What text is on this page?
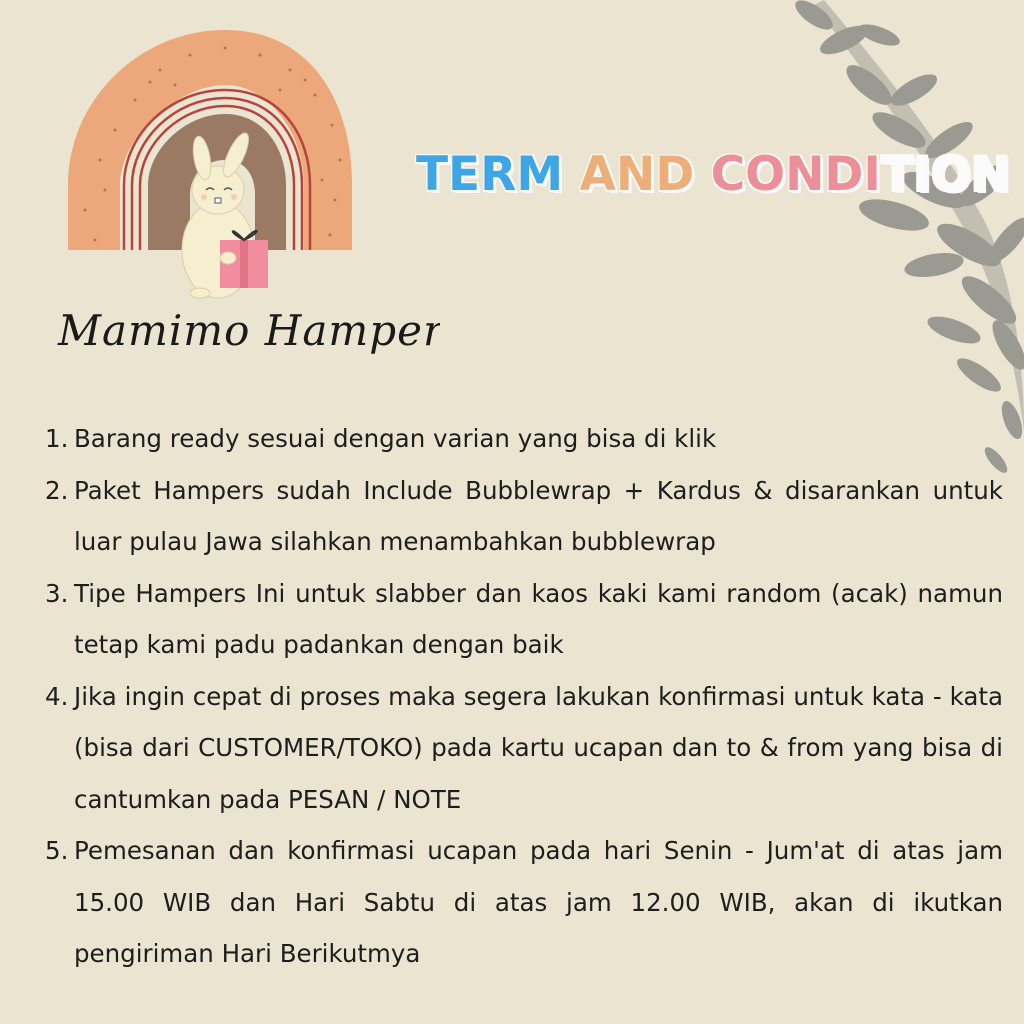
Mamimo Hampers
TERM AND CONDITION
1. Barang ready sesuai dengan varian yang bisa di klik
2. Paket Hampers sudah Include Bubblewrap + Kardus & disarankan untuk luar pulau Jawa silahkan menambahkan bubblewrap
3. Tipe Hampers Ini untuk slabber dan kaos kaki kami random (acak) namun tetap kami padu padankan dengan baik
4. Jika ingin cepat di proses maka segera lakukan konfirmasi untuk kata - kata (bisa dari CUSTOMER/TOKO) pada kartu ucapan dan to & from yang bisa di cantumkan pada PESAN / NOTE
5. Pemesanan dan konfirmasi ucapan pada hari Senin - Jum'at di atas jam 15.00 WIB dan Hari Sabtu di atas jam 12.00 WIB, akan di ikutkan pengiriman Hari Berikutmya
